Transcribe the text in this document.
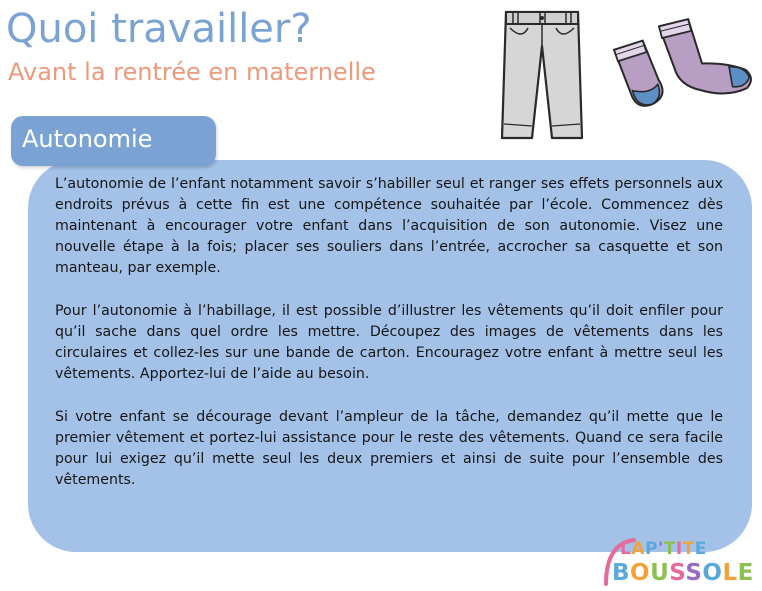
Quoi travailler?
Avant la rentrée en maternelle

L’autonomie de l’enfant notamment savoir s’habiller seul et ranger ses effets personnels aux endroits prévus à cette fin est une compétence souhaitée par l’école. Commencez dès maintenant à encourager votre enfant dans l’acquisition de son autonomie. Visez une nouvelle étape à la fois; placer ses souliers dans l’entrée, accrocher sa casquette et son manteau, par exemple.

Pour l’autonomie à l’habillage, il est possible d’illustrer les vêtements qu’il doit enfiler pour qu’il sache dans quel ordre les mettre. Découpez des images de vêtements dans les circulaires et collez-les sur une bande de carton. Encouragez votre enfant à mettre seul les vêtements. Apportez-lui de l’aide au besoin.

Si votre enfant se décourage devant l’ampleur de la tâche, demandez qu’il mette que le premier vêtement et portez-lui assistance pour le reste des vêtements. Quand ce sera facile pour lui exigez qu’il mette seul les deux premiers et ainsi de suite pour l’ensemble des vêtements.

Autonomie
LAP'TITE
BOUSSOLE
